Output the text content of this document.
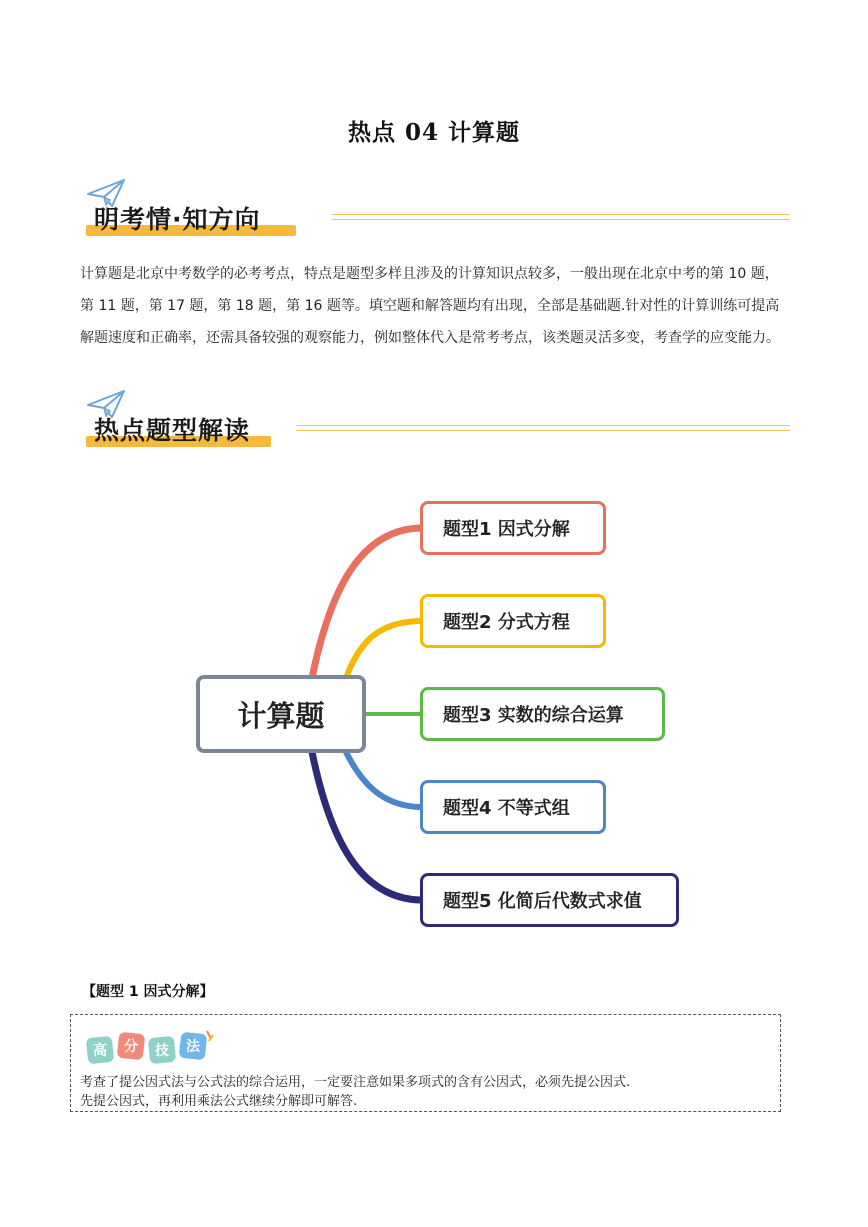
热点 04 计算题
明考情·知方向
计算题是北京中考数学的必考考点，特点是题型多样且涉及的计算知识点较多，一般出现在北京中考的第 10 题，第 11 题，第 17 题，第 18 题，第 16 题等。填空题和解答题均有出现，全部是基础题.针对性的计算训练可提高解题速度和正确率，还需具备较强的观察能力，例如整体代入是常考考点，该类题灵活多变，考查学的应变能力。
热点题型解读
计算题
题型1 因式分解
题型2 分式方程
题型3 实数的综合运算
题型4 不等式组
题型5 化简后代数式求值
【题型 1 因式分解】
高 分 技 法
考查了提公因式法与公式法的综合运用，一定要注意如果多项式的含有公因式，必须先提公因式.
先提公因式，再利用乘法公式继续分解即可解答.
